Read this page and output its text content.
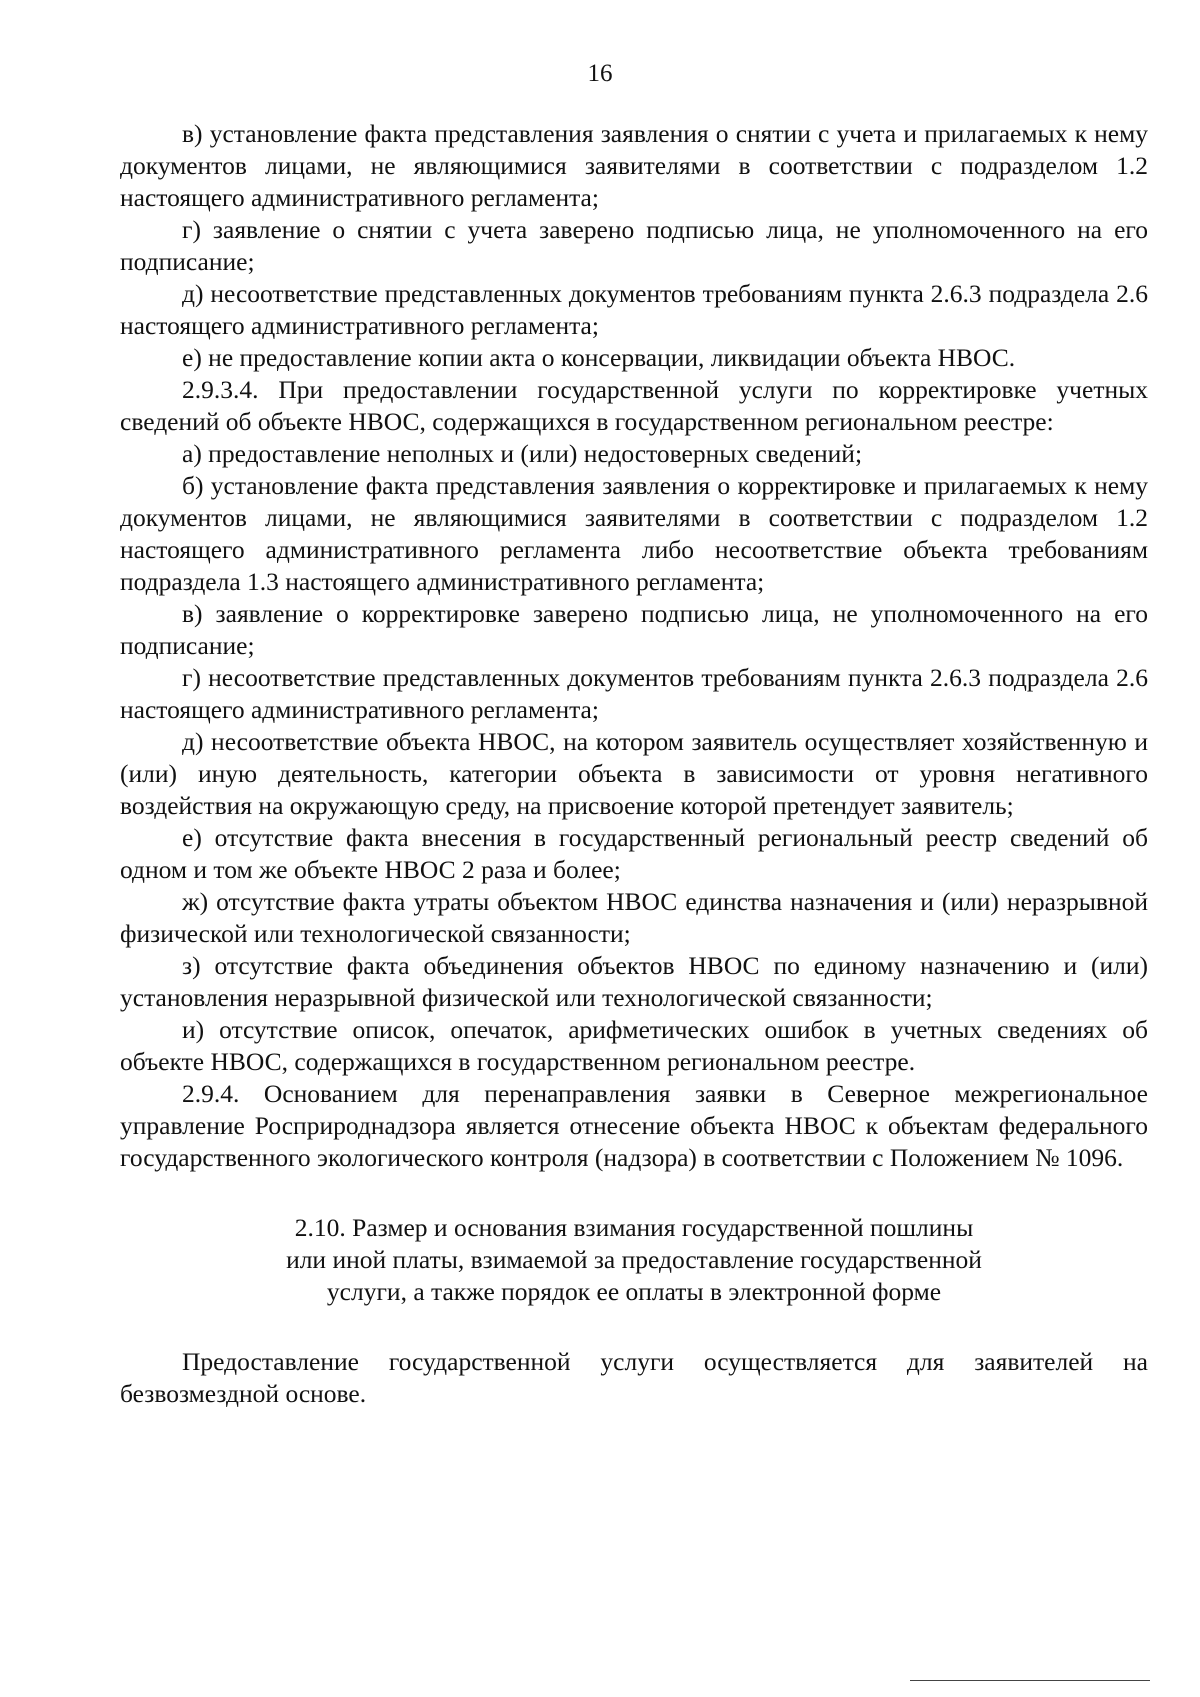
16

в) установление факта представления заявления о снятии с учета и прилагаемых к нему документов лицами, не являющимися заявителями в соответствии с подразделом 1.2 настоящего административного регламента;

г) заявление о снятии с учета заверено подписью лица, не уполномоченного на его подписание;

д) несоответствие представленных документов требованиям пункта 2.6.3 подраздела 2.6 настоящего административного регламента;

е) не предоставление копии акта о консервации, ликвидации объекта НВОС.

2.9.3.4. При предоставлении государственной услуги по корректировке учетных сведений об объекте НВОС, содержащихся в государственном региональном реестре:

а) предоставление неполных и (или) недостоверных сведений;

б) установление факта представления заявления о корректировке и прилагаемых к нему документов лицами, не являющимися заявителями в соответствии с подразделом 1.2 настоящего административного регламента либо несоответствие объекта требованиям подраздела 1.3 настоящего административного регламента;

в) заявление о корректировке заверено подписью лица, не уполномоченного на его подписание;

г) несоответствие представленных документов требованиям пункта 2.6.3 подраздела 2.6 настоящего административного регламента;

д) несоответствие объекта НВОС, на котором заявитель осуществляет хозяйственную и (или) иную деятельность, категории объекта в зависимости от уровня негативного воздействия на окружающую среду, на присвоение которой претендует заявитель;

е) отсутствие факта внесения в государственный региональный реестр сведений об одном и том же объекте НВОС 2 раза и более;

ж) отсутствие факта утраты объектом НВОС единства назначения и (или) неразрывной физической или технологической связанности;

з) отсутствие факта объединения объектов НВОС по единому назначению и (или) установления неразрывной физической или технологической связанности;

и) отсутствие описок, опечаток, арифметических ошибок в учетных сведениях об объекте НВОС, содержащихся в государственном региональном реестре.

2.9.4. Основанием для перенаправления заявки в Северное межрегиональное управление Росприроднадзора является отнесение объекта НВОС к объектам федерального государственного экологического контроля (надзора) в соответствии с Положением № 1096.

2.10. Размер и основания взимания государственной пошлины
или иной платы, взимаемой за предоставление государственной
услуги, а также порядок ее оплаты в электронной форме

Предоставление государственной услуги осуществляется для заявителей на безвозмездной основе.
